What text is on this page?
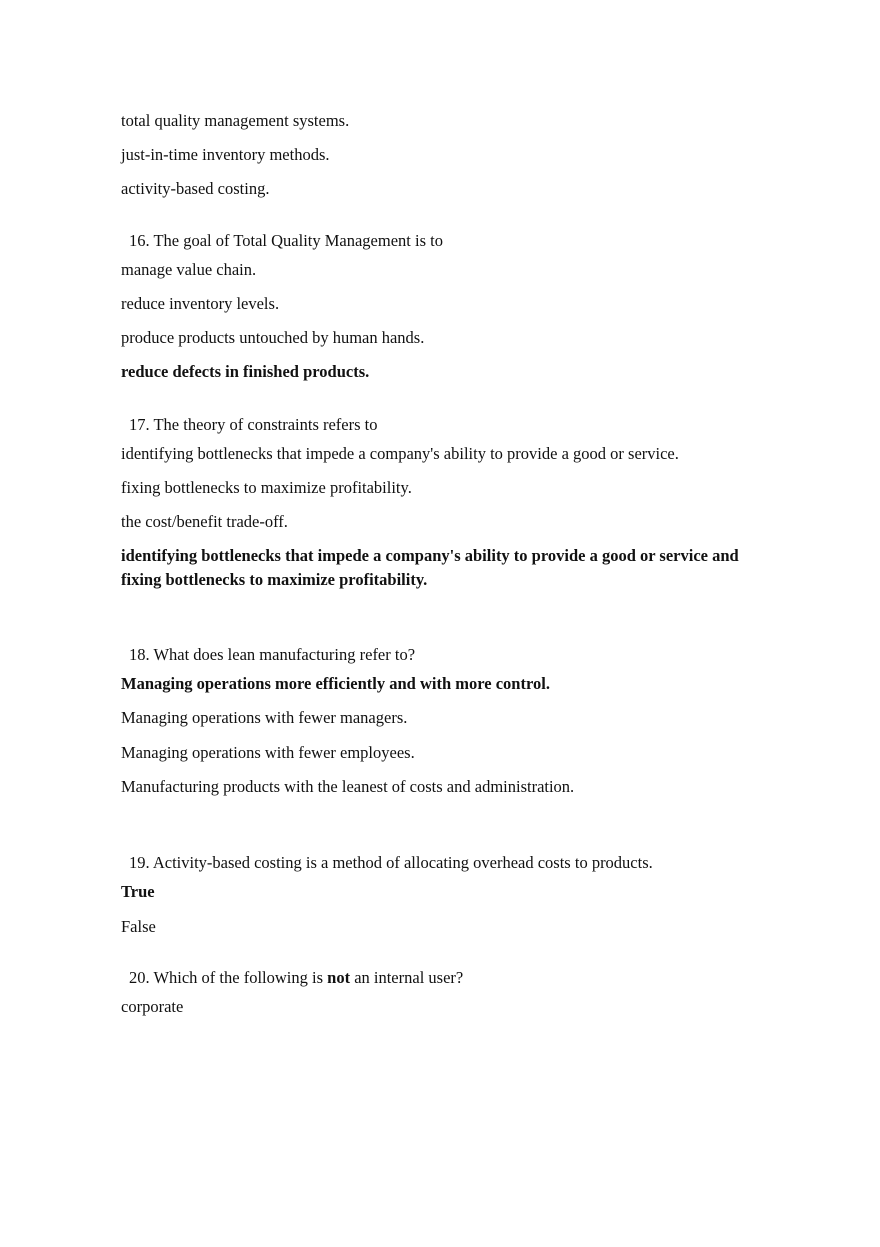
total quality management systems.
just-in-time inventory methods.
activity-based costing.
16. The goal of Total Quality Management is to
manage value chain.
reduce inventory levels.
produce products untouched by human hands.
reduce defects in finished products.
17. The theory of constraints refers to
identifying bottlenecks that impede a company's ability to provide a good or service.
fixing bottlenecks to maximize profitability.
the cost/benefit trade-off.
identifying bottlenecks that impede a company's ability to provide a good or service and fixing bottlenecks to maximize profitability.
18. What does lean manufacturing refer to?
Managing operations more efficiently and with more control.
Managing operations with fewer managers.
Managing operations with fewer employees.
Manufacturing products with the leanest of costs and administration.
19. Activity-based costing is a method of allocating overhead costs to products.
True
False
20. Which of the following is not an internal user?
corporate
